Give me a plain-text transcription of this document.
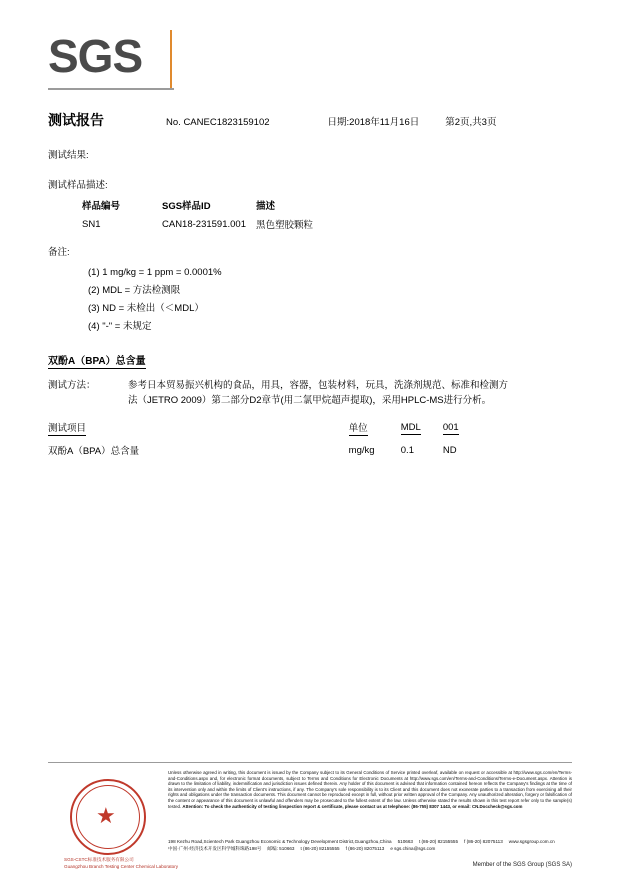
SGS
测试报告	No. CANEC1823159102	日期:2018年11月16日	第2页,共3页
测试结果:
测试样品描述:
样品编号	SGS样品ID	描述
SN1	CAN18-231591.001	黑色塑胶颗粒
备注:
(1) 1 mg/kg = 1 ppm = 0.0001%
(2) MDL = 方法检测限
(3) ND = 未检出（＜MDL）
(4) "-" = 未规定
双酚A（BPA）总含量
测试方法：	参考日本贸易振兴机构的食品，用具，容器，包装材料，玩具，洗涤剂规范、标准和检测方
法（JETRO 2009）第二部分D2章节(用二氯甲烷超声提取)，采用HPLC-MS进行分析。
测试项目	单位	MDL	001
双酚A（BPA）总含量	mg/kg	0.1	ND
★
SGS-CSTC标准技术服务有限公司
Guangzhou Branch Testing Center Chemical Laboratory
Unless otherwise agreed in writing, this document is issued by the Company subject to its General Conditions of Service printed overleaf, available on request or accessible at http://www.sgs.com/en/Terms-and-Conditions.aspx and, for electronic format documents, subject to Terms and Conditions for Electronic Documents at http://www.sgs.com/en/Terms-and-Conditions/Terms-e-Document.aspx. Attention is drawn to the limitation of liability, indemnification and jurisdiction issues defined therein. Any holder of this document is advised that information contained hereon reflects the Company's findings at the time of its intervention only and within the limits of Client's instructions, if any. The Company's sole responsibility is to its Client and this document does not exonerate parties to a transaction from exercising all their rights and obligations under the transaction documents. This document cannot be reproduced except in full, without prior written approval of the Company. Any unauthorized alteration, forgery or falsification of the content or appearance of this document is unlawful and offenders may be prosecuted to the fullest extent of the law. Unless otherwise stated the results shown in this test report refer only to the sample(s) tested. Attention: To check the authenticity of testing /inspection report & certificate, please contact us at telephone: (86-755) 8307 1443, or email: CN.Doccheck@sgs.com
198 Kezhu Road,Scientech Park Guangzhou Economic & Technology Development District,Guangzhou,China 510663 t (86-20) 82155555 f (86-20) 82075113 www.sgsgroup.com.cn
中国·广州·经济技术开发区科学城科珠路198号 邮编: 510663 t (86-20) 82155555 f (86-20) 82075113 e sgs.china@sgs.com
Member of the SGS Group (SGS SA)
